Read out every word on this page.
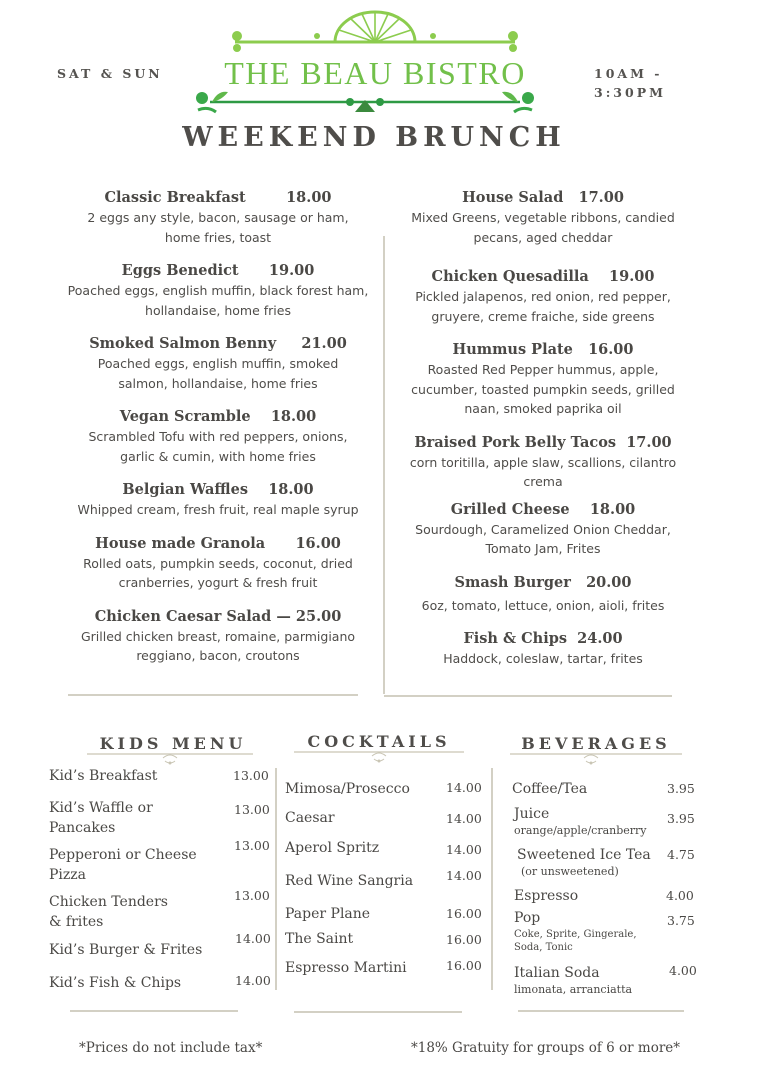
SAT & SUN	10AM -
3:30PM
THE BEAU BISTRO
WEEKEND BRUNCH
Classic Breakfast	18.00
2 eggs any style, bacon, sausage or ham,
home fries, toast
Eggs Benedict 19.00
Poached eggs, english muffin, black forest ham,
hollandaise, home fries
Smoked Salmon Benny 21.00
Poached eggs, english muffin, smoked
salmon, hollandaise, home fries
Vegan Scramble 18.00
Scrambled Tofu with red peppers, onions,
garlic & cumin, with home fries
Belgian Waffles 18.00
Whipped cream, fresh fruit, real maple syrup
House made Granola 16.00
Rolled oats, pumpkin seeds, coconut, dried
cranberries, yogurt & fresh fruit
Chicken Caesar Salad — 25.00
Grilled chicken breast, romaine, parmigiano
reggiano, bacon, croutons
House Salad 17.00
Mixed Greens, vegetable ribbons, candied
pecans, aged cheddar
Chicken Quesadilla 19.00
Pickled jalapenos, red onion, red pepper,
gruyere, creme fraiche, side greens
Hummus Plate 16.00
Roasted Red Pepper hummus, apple,
cucumber, toasted pumpkin seeds, grilled
naan, smoked paprika oil
Braised Pork Belly Tacos 17.00
corn toritilla, apple slaw, scallions, cilantro
crema
Grilled Cheese 18.00
Sourdough, Caramelized Onion Cheddar,
Tomato Jam, Frites
Smash Burger 20.00
6oz, tomato, lettuce, onion, aioli, frites
Fish & Chips 24.00
Haddock, coleslaw, tartar, frites
KIDS MENU	COCKTAILS	BEVERAGES
Kid’s Breakfast	13.00
Kid’s Waffle or
Pancakes
13.00
Pepperoni or Cheese
Pizza
13.00
Chicken Tenders
& frites
13.00
Kid’s Burger & Frites
14.00
Kid’s Fish & Chips	14.00
Mimosa/Prosecco	14.00
Caesar	14.00
Aperol Spritz	14.00
Red Wine Sangria	14.00
Paper Plane	16.00
The Saint	16.00
Espresso Martini	16.00
Coffee/Tea	3.95
Juice
orange/apple/cranberry
3.95
Sweetened Ice Tea
(or unsweetened)
4.75
Espresso	4.00
Pop
Coke, Sprite, Gingerale,
Soda, Tonic
3.75
Italian Soda
limonata, arranciatta
4.00
*Prices do not include tax*	*18% Gratuity for groups of 6 or more*
